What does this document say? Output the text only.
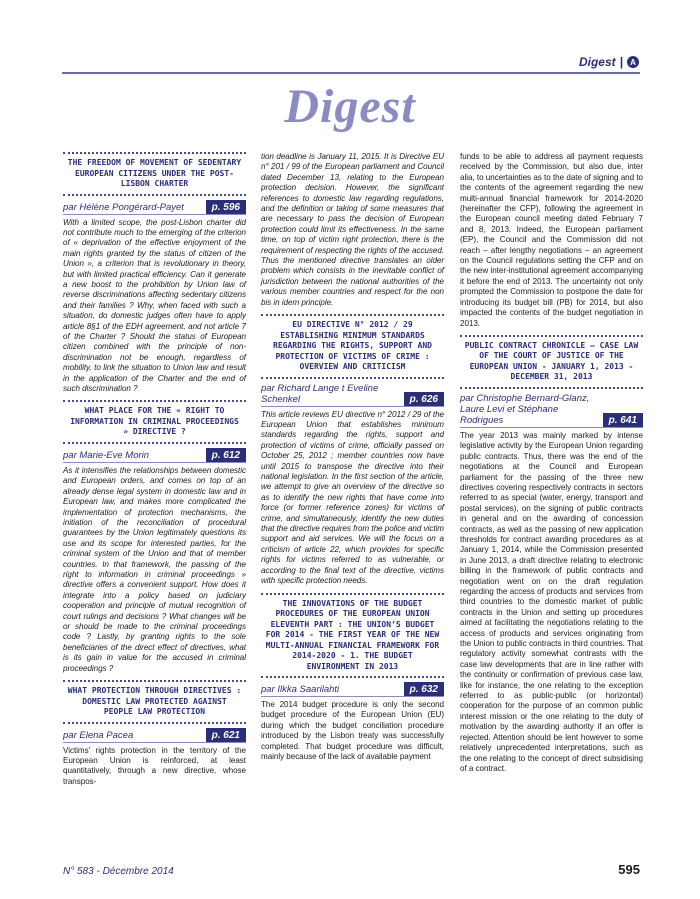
Digest | A
Digest
THE FREEDOM OF MOVEMENT OF SEDENTARY EUROPEAN CITIZENS UNDER THE POST-LISBON CHARTER
par Hélène Pongérard-Payet	p. 596

With a limited scope, the post-Lisbon charter did not contribute much to the emerging of the criterion of « deprivation of the effective enjoyment of the main rights granted by the status of citizen of the Union », a criterion that is revolutionary in theory, but with limited practical efficiency. Can it generate a new boost to the prohibition by Union law of reverse discriminations affecting sedentary citizens and their families ? Why, when faced with such a situation, do domestic judges often have to apply article 8§1 of the EDH agreement, and not article 7 of the Charter ? Should the status of European citizen combined with the principle of non-discrimination not be enough, regardless of mobility, to link the situation to Union law and result in the application of the Charter and the end of such discrimination ?

WHAT PLACE FOR THE « RIGHT TO INFORMATION IN CRIMINAL PROCEEDINGS » DIRECTIVE ?
par Marie-Eve Morin	p. 612

As it intensifies the relationships between domestic and European orders, and comes on top of an already dense legal system in domestic law and in European law, and makes more complicated the implementation of protection mechanisms, the initiation of the reconciliation of procedural guarantees by the Union legitimately questions its use and its scope for interested parties, for the criminal system of the Union and that of member countries. In that framework, the passing of the right to information in criminal proceedings » directive offers a convenient support. How does it integrate into a policy based on judiciary cooperation and principle of mutual recognition of court rulings and decisions ? What changes will be or should be made to the criminal proceedings code ? Lastly, by granting rights to the sole beneficiaries of the direct effect of directives, what is its gain in value for the accused in criminal proceedings ?

WHAT PROTECTION THROUGH DIRECTIVES : DOMESTIC LAW PROTECTED AGAINST PEOPLE LAW PROTECTION
par Elena Pacea	p. 621

Victims’ rights protection in the territory of the European Union is reinforced, at least quantitatively, through a new directive, whose transpos-

tion deadline is January 11, 2015. It is Directive EU n° 201 / 99 of the European parliament and Council dated December 13, relating to the European protection decision. However, the significant references to domestic law regarding regulations, and the definition or taking of some measures that are necessary to pass the decision of European protection could limit its effectiveness. In the same time, on top of victim right protection, there is the requirement of respecting the rights of the accused. Thus the mentioned directive translates an older problem which consists in the inevitable conflict of jurisdiction between the national authorities of the various member countries and respect for the non bis in idem principle.

EU DIRECTIVE N° 2012 / 29 ESTABLISHING MINIMUM STANDARDS REGARDING THE RIGHTS, SUPPORT AND PROTECTION OF VICTIMS OF CRIME : OVERVIEW AND CRITICISM
par Richard Lange t Eveline Schenkel	p. 626

This article reviews EU directive n° 2012 / 29 of the European Union that establishes minimum standards regarding the rights, support and protection of victims of crime, officially passed on October 25, 2012 ; member countries now have until 2015 to transpose the directive into their national legislation. In the first section of the article, we attempt to give an overview of the directive so as to identify the new rights that have come into force (or former reference zones) for victims of crime, and simultaneously, identify the new duties that the directive requires from the police and victim support and aid services. We will the focus on a criticism of article 22, which provides for specific rights for victims referred to as vulnerable, or according to the final text of the directive, victims with specific protection needs.

THE INNOVATIONS OF THE BUDGET PROCEDURES OF THE EUROPEAN UNION ELEVENTH PART : THE UNION’S BUDGET FOR 2014 - THE FIRST YEAR OF THE NEW MULTI-ANNUAL FINANCIAL FRAMEWORK FOR 2014-2020 - 1. THE BUDGET ENVIRONMENT IN 2013
par Ilkka Saarilahti	p. 632

The 2014 budget procedure is only the second budget procedure of the European Union (EU) during which the budget conciliation procedure introduced by the Lisbon treaty was successfully completed. That budget procedure was difficult, mainly because of the lack of available payment

funds to be able to address all payment requests received by the Commission, but also due, inter alia, to uncertainties as to the date of signing and to the contents of the agreement regarding the new multi-annual financial framework for 2014-2020 (hereinafter the CFP), following the agreement in the European council meeting dated February 7 and 8, 2013. Indeed, the European parliament (EP), the Council and the Commission did not reach – after lengthy negotiations – an agreement on the Council regulations setting the CFP and on the new inter-institutional agreement accompanying it before the end of 2013. The uncertainty not only prompted the Commission to postpone the date for introducing its budget bill (PB) for 2014, but also impacted the contents of the budget negotiation in 2013.

PUBLIC CONTRACT CHRONICLE – CASE LAW OF THE COURT OF JUSTICE OF THE EUROPEAN UNION - JANUARY 1, 2013 - DECEMBER 31, 2013
par Christophe Bernard-Glanz, Laure Levi et Stéphane Rodrigues	p. 641

The year 2013 was mainly marked by intense legislative activity by the European Union regarding public contracts. Thus, there was the end of the negotiations at the Council and European parliament for the passing of the three new directives covering respectively contracts in sectors referred to as special (water, energy, transport and postal services), on the signing of public contracts in general and on the awarding of concession contracts, as well as the passing of new application thresholds for contract awarding procedures as at January 1, 2014, while the Commission presented in June 2013, a draft directive relating to electronic billing in the framework of public contracts and negotiation went on on the draft regulation regarding the access of products and services from third countries to the domestic market of public contracts in the Union and setting up procedures aimed at facilitating the negotiations relating to the access of products and services originating from the Union to public contracts in third countries. That regulatory activity somewhat contrasts with the case law developments that are in line rather with the continuity or confirmation of previous case law, like for instance, the one relating to the exception referred to as public-public (or horizontal) cooperation for the purpose of an common public interest mission or the one relating to the duty of motivation by the awarding authority if an offer is rejected. Attention should be lent however to some relatively unprecedented interpretations, such as the one relating to the concept of direct subsidising of a contract.

N° 583 - Décembre 2014	595
